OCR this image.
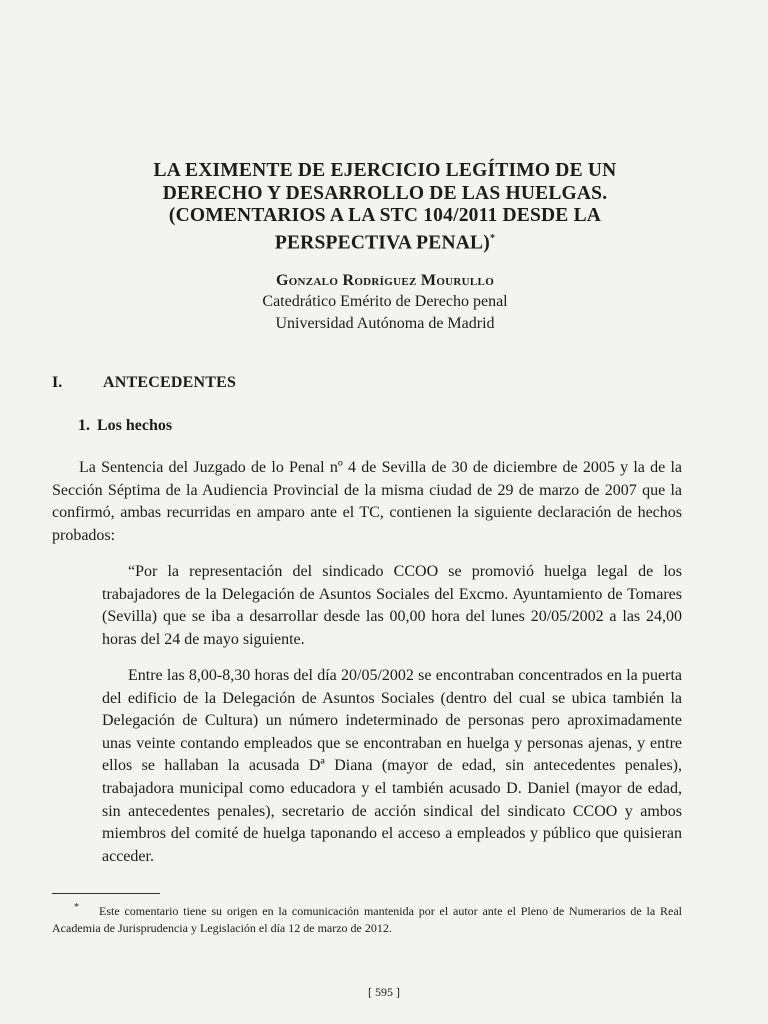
LA EXIMENTE DE EJERCICIO LEGÍTIMO DE UN
DERECHO Y DESARROLLO DE LAS HUELGAS.
(COMENTARIOS A LA STC 104/2011 DESDE LA
PERSPECTIVA PENAL)*
Gonzalo Rodríguez Mourullo
Catedrático Emérito de Derecho penal
Universidad Autónoma de Madrid
I.	ANTECEDENTES
1. Los hechos

La Sentencia del Juzgado de lo Penal nº 4 de Sevilla de 30 de diciembre de 2005 y la de la Sección Séptima de la Audiencia Provincial de la misma ciudad de 29 de marzo de 2007 que la confirmó, ambas recurridas en amparo ante el TC, contienen la siguiente declaración de hechos probados:

“Por la representación del sindicado CCOO se promovió huelga legal de los trabajadores de la Delegación de Asuntos Sociales del Excmo. Ayuntamiento de Tomares (Sevilla) que se iba a desarrollar desde las 00,00 hora del lunes 20/05/2002 a las 24,00 horas del 24 de mayo siguiente.

Entre las 8,00-8,30 horas del día 20/05/2002 se encontraban concentrados en la puerta del edificio de la Delegación de Asuntos Sociales (dentro del cual se ubica también la Delegación de Cultura) un número indeterminado de personas pero aproximadamente unas veinte contando empleados que se encontraban en huelga y personas ajenas, y entre ellos se hallaban la acusada Dª Diana (mayor de edad, sin antecedentes penales), trabajadora municipal como educadora y el también acusado D. Daniel (mayor de edad, sin antecedentes penales), secretario de acción sindical del sindicato CCOO y ambos miembros del comité de huelga taponando el acceso a empleados y público que quisieran acceder.

*	Este comentario tiene su origen en la comunicación mantenida por el autor ante el Pleno de Numerarios de la Real Academia de Jurisprudencia y Legislación el día 12 de marzo de 2012.
[ 595 ]
